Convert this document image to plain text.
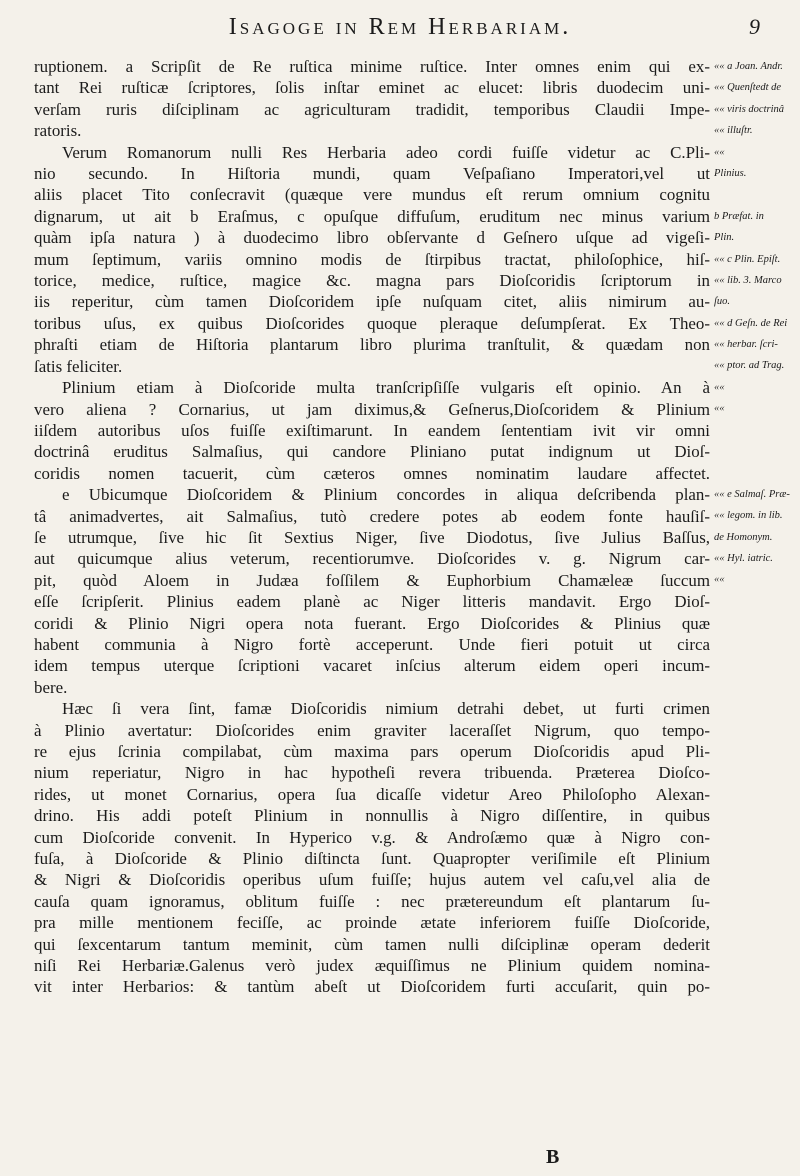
Isagoge in Rem Herbariam.	9
ruptionem. a Scripſit de Re ruſtica minime ruſtice. Inter omnes enim qui ex-
tant Rei ruſticæ ſcriptores, ſolis inſtar eminet ac elucet: libris duodecim uni-
verſam ruris diſciplinam ac agriculturam tradidit, temporibus Claudii Impe-
ratoris.
Verum Romanorum nulli Res Herbaria adeo cordi fuiſſe videtur ac C.Pli-
nio secundo. In Hiſtoria mundi, quam Veſpaſiano Imperatori,vel ut
aliis placet Tito conſecravit (quæque vere mundus eſt rerum omnium cognitu
dignarum, ut ait b Eraſmus, c opuſque diffuſum, eruditum nec minus varium
quàm ipſa natura ) à duodecimo libro obſervante d Geſnero uſque ad vigeſi-
mum ſeptimum, variis omnino modis de ſtirpibus tractat, philoſophice, hiſ-
torice, medice, ruſtice, magice &c. magna pars Dioſcoridis ſcriptorum in
iis reperitur, cùm tamen Dioſcoridem ipſe nuſquam citet, aliis nimirum au-
toribus uſus, ex quibus Dioſcorides quoque pleraque deſumpſerat. Ex Theo-
phraſti etiam de Hiſtoria plantarum libro plurima tranſtulit, & quædam non
ſatis feliciter.
Plinium etiam à Dioſcoride multa tranſcripſiſſe vulgaris eſt opinio. An à
vero aliena ? Cornarius, ut jam diximus,& Geſnerus,Dioſcoridem & Plinium
iiſdem autoribus uſos fuiſſe exiſtimarunt. In eandem ſententiam ivit vir omni
doctrinâ eruditus Salmaſius, qui candore Pliniano putat indignum ut Dioſ-
coridis nomen tacuerit, cùm cæteros omnes nominatim laudare affectet.
e Ubicumque Dioſcoridem & Plinium concordes in aliqua deſcribenda plan-
tâ animadvertes, ait Salmaſius, tutò credere potes ab eodem fonte hauſiſ-
ſe utrumque, ſive hic ſit Sextius Niger, ſive Diodotus, ſive Julius Baſſus,
aut quicumque alius veterum, recentiorumve. Dioſcorides v. g. Nigrum car-
pit, quòd Aloem in Judæa foſſilem & Euphorbium Chamæleæ ſuccum
eſſe ſcripſerit. Plinius eadem planè ac Niger litteris mandavit. Ergo Dioſ-
coridi & Plinio Nigri opera nota fuerant. Ergo Dioſcorides & Plinius quæ
habent communia à Nigro fortè acceperunt. Unde fieri potuit ut circa
idem tempus uterque ſcriptioni vacaret inſcius alterum eidem operi incum-
bere.
Hæc ſi vera ſint, famæ Dioſcoridis nimium detrahi debet, ut furti crimen
à Plinio avertatur: Dioſcorides enim graviter laceraſſet Nigrum, quo tempo-
re ejus ſcrinia compilabat, cùm maxima pars operum Dioſcoridis apud Pli-
nium reperiatur, Nigro in hac hypotheſi revera tribuenda. Præterea Dioſco-
rides, ut monet Cornarius, opera ſua dicaſſe videtur Areo Philoſopho Alexan-
drino. His addi poteſt Plinium in nonnullis à Nigro diſſentire, in quibus
cum Dioſcoride convenit. In Hyperico v.g. & Androſæmo quæ à Nigro con-
fuſa, à Dioſcoride & Plinio diſtincta ſunt. Quapropter veriſimile eſt Plinium
& Nigri & Dioſcoridis operibus uſum fuiſſe; hujus autem vel caſu,vel alia de
cauſa quam ignoramus, oblitum fuiſſe : nec prætereundum eſt plantarum ſu-
pra mille mentionem feciſſe, ac proinde ætate inferiorem fuiſſe Dioſcoride,
qui ſexcentarum tantum meminit, cùm tamen nulli diſciplinæ operam dederit
niſi Rei Herbariæ.Galenus verò judex æquiſſimus ne Plinium quidem nomina-
vit inter Herbarios: & tantùm abeſt ut Dioſcoridem furti accuſarit, quin po-
«« a Joan. Andr.
«« Quenſtedt de
«« viris doctrinâ
«« illuſtr.
««
Plinius.
b Præfat. in
Plin.
«« c Plin. Epiſt.
«« lib. 3. Marco
ſuo.
«« d Geſn. de Rei
«« herbar. ſcri-
«« ptor. ad Trag.
««
««
«« e Salmaſ. Præ-
«« legom. in lib.
de Homonym.
«« Hyl. iatric.
««
B
